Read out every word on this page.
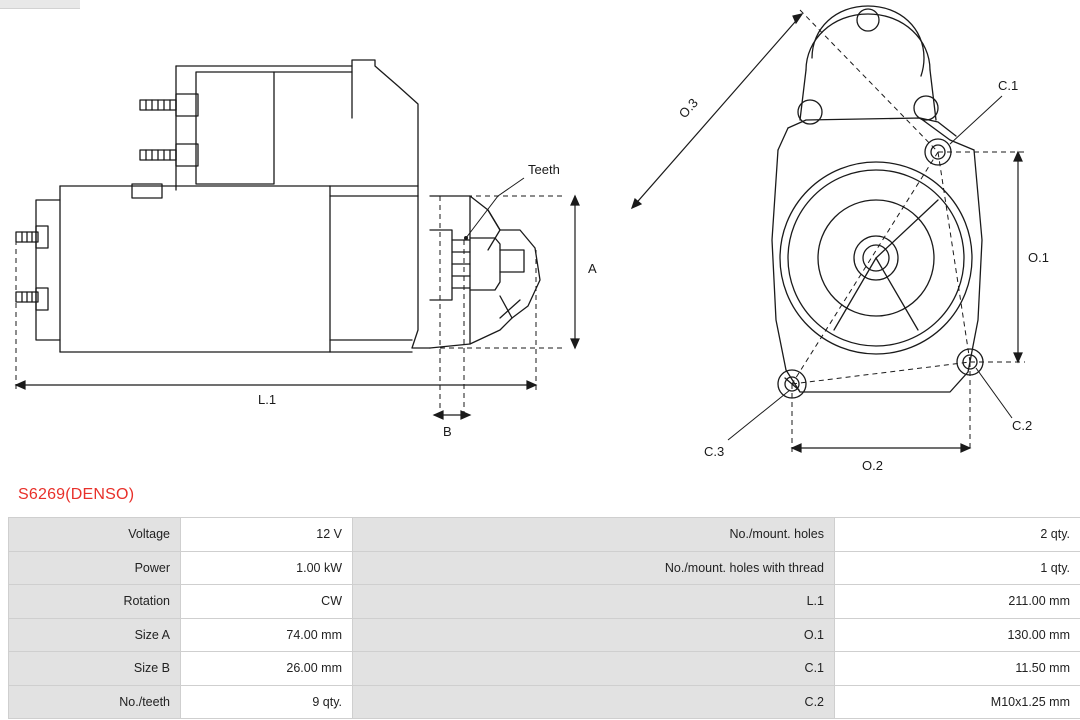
A
L.1
B
Teeth
O.1
O.2
O.3
C.1
C.2
C.3
S6269(DENSO)
Voltage	12 V	No./mount. holes	2 qty.
Power	1.00 kW	No./mount. holes with thread	1 qty.
Rotation	CW	L.1	211.00 mm
Size A	74.00 mm	O.1	130.00 mm
Size B	26.00 mm	C.1	11.50 mm
No./teeth	9 qty.	C.2	M10x1.25 mm
